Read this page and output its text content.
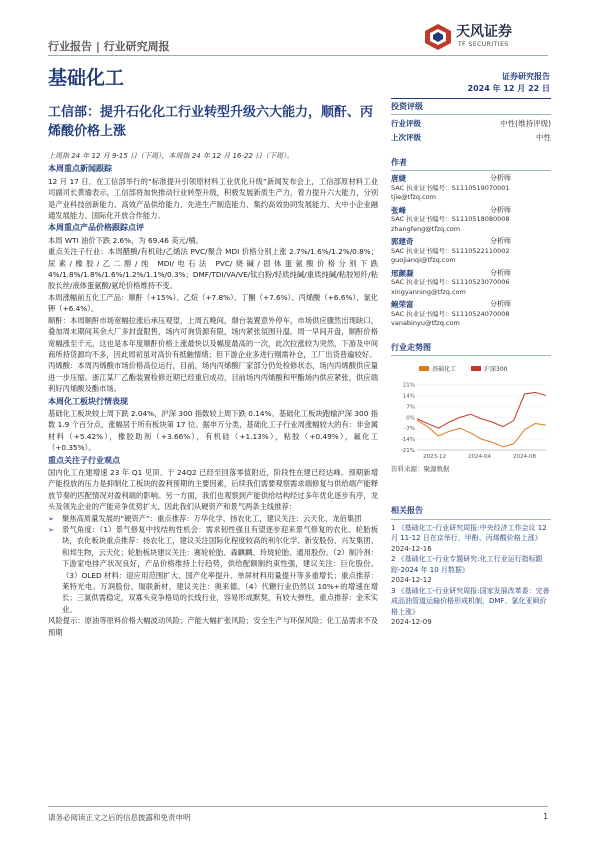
行业报告 | 行业研究周报
基础化工
天风证券
TF SECURITIES
证券研究报告
2024 年 12 月 22 日
工信部：提升石化化工行业转型升级六大能力，顺酐、丙烯酸价格上涨
投资评级
行业评级	中性(维持评级)
上次评级	中性
作者
唐婕	分析师
SAC 执业证书编号：S1110519070001
tjie@tfzq.com
张峰	分析师
SAC 执业证书编号：S1110518080008
zhangfeng@tfzq.com
郭建奇	分析师
SAC 执业证书编号：S1110522110002
guojianqi@tfzq.com
邢颜凝	分析师
SAC 执业证书编号：S1110523070006
xingyanning@tfzq.com
鲍荣富	分析师
SAC 执业证书编号：S1110524070008
vanabinyu@tfzq.com
行业走势图
基础化工	沪深300
21%
14%
7%
0%
-7%
-14%
-21%
2023-12	2024-04	2024-08
资料来源：聚源数据
相关报告
1 《基础化工-行业研究周报:中央经济工作会议 12 月 11-12 日在京举行，甲酚、丙烯酸价格上涨》
2024-12-16
2 《基础化工-行业专题研究:化工行业运行指标跟踪-2024 年 10 月数据》
2024-12-12
3 《基础化工-行业研究周报:国家发展改革委：完善成品油管道运输价格形成机制，DMF、氯化亚砜价格上涨》
2024-12-09
上周指 24 年 12 月 9-15 日（下周），本周指 24 年 12 月 16-22 日（下周）。
本周重点新闻跟踪
12 月 17 日，在工信部举行的“标准提升引领原材料工业优化升级”新闻发布会上，工信部原材料工业司副司长黄瑜表示，工信部将加快推动行业转型升级，积极发展新质生产力，着力提升六大能力，分别是产业科技创新能力、高效产品供给能力、先进生产制造能力、集约高效协同发展能力、大中小企业融通发展能力、国际化开放合作能力。
本周重点产品价格跟踪点评
本周 WTI 油价下跌 2.6%，为 69.46 美元/桶。
重点关注子行业：本周醋酸/有机硅/乙烯法 PVC/聚合 MDI 价格分别上涨 2.7%/1.6%/1.2%/0.8%；尿素/橡胶/乙二醇/纯 MDI/电石法 PVC/烧碱/固体蛋氨酸价格分别下跌 4%/1.8%/1.8%/1.6%/1.2%/1.1%/0.3%；DMF/TDI/VA/VE/钛白粉/轻质纯碱/重质纯碱/粘胶短纤/粘胶长丝/液体蛋氨酸/氨纶价格维持不变。
本周涨幅前五化工产品：顺酐（+15%）、乙烷（+7.8%）、丁酮（+7.6%）、丙烯酸（+6.6%）、氯化钾（+6.4%）。
顺酐：本周顺酐市场宽幅拉涨后承压观望，上周五晚间，烟台装置意外停车，市场供应骤然出现缺口，叠加周末期间其余大厂多封盘限售，场内可询货源有限，场内紧张氛围升温。周一早间开盘，顺酐价格宽幅涨至千元，这也是本年度顺酐价格上涨最快以及幅度最高的一次，此次拉涨较为突然，下游及中间商所持货源均不多，因此周初虽对高价有抵触情绪；但下游企业多进行刚需补仓，工厂出货普遍较好。
丙烯酸：本周丙烯酸市场价格高位运行，目前，场内丙烯酸厂家部分仍处检修状态，场内丙烯酸供应量进一步压缩。浙江某厂乙酯装置检修近期已经重启成功，目前场内丙烯酸和甲酯场内供应紧张，供应端利好丙烯酸及酯市场。
本周化工板块行情表现
基础化工板块较上周下跌 2.04%，沪深 300 指数较上周下跌 0.14%。基础化工板块跑输沪深 300 指数 1.9 个百分点，涨幅居于所有板块第 17 位。据申万分类，基础化工子行业周涨幅较大的有：非金属材料（+5.42%），橡胶助剂（+3.66%），有机硅（+1.13%），粘胶（+0.49%），氟化工（+0.35%）。
重点关注子行业观点
国内化工在建增速 23 年 Q1 见顶、于 24Q2 已经至回落零值附近，阶段性在建已经达峰。预期新增产能投放的压力是抑制化工板块的盈利预期的主要因素，后续我们需要观察需求端修复与供给端产能释放节奏的匹配情况对盈利端的影响。另一方面，我们也观察到产能供给结构经过多年优化逐步有序，龙头及领先企业的产能竞争优势扩大，因此我们从硬资产和景气两条主线推荐：
➢	聚焦高质量发展的“硬资产”：重点推荐：万华化学、扬农化工，建议关注：云天化、龙佰集团
➢	景气角度：（1）景气修复中找结构性机会：需求韧性强且有望逐步迎来景气修复的农化、轮胎板块，农化板块重点推荐：扬农化工，建议关注国际化程度较高的利尔化学、新安股份、兴发集团、和邦生物，云天化；轮胎板块建议关注：赛轮轮胎、森麒麟、玲珑轮胎、通用股份。（2）制冷剂：下游家电排产状况良好，产品价格维持上行趋势，供给配额制约束性强，建议关注：巨化股份。（3）OLED 材料：迎应用范围扩大、国产化率提升、单屏材料用量提升等多重增长；重点推荐：莱特光电、万润股份、瑞联新材，建议关注：奥来德。（4）代糖行业仍然以 10%+的增速在增长；三氯供需稳定，双寡头竞争格局的长线行业，容易形成默契，有较大弹性，重点推荐：金禾实业。
风险提示：原油等原料价格大幅波动风险；产能大幅扩张风险；安全生产与环保风险；化工品需求不及预期
请务必阅读正文之后的信息披露和免责申明	1
